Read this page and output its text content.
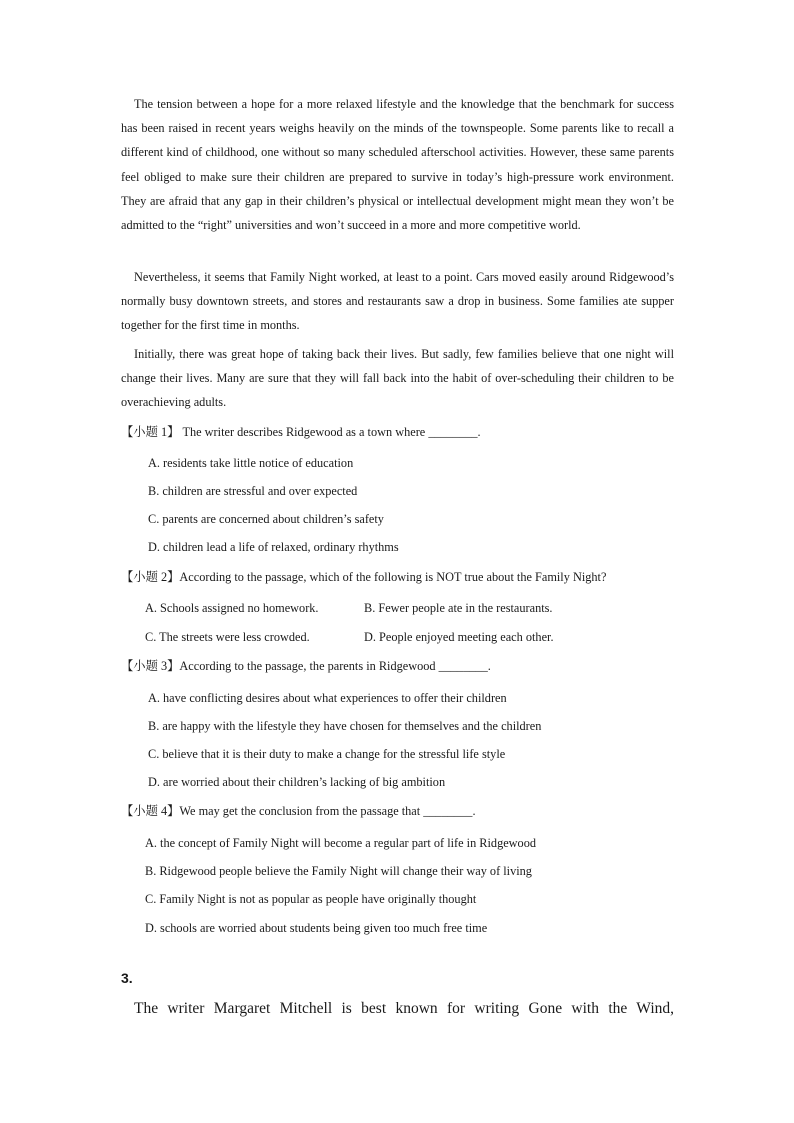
The tension between a hope for a more relaxed lifestyle and the knowledge that the benchmark for success has been raised in recent years weighs heavily on the minds of the townspeople. Some parents like to recall a different kind of childhood, one without so many scheduled afterschool activities. However, these same parents feel obliged to make sure their children are prepared to survive in today’s high-pressure work environment. They are afraid that any gap in their children’s physical or intellectual development might mean they won’t be admitted to the “right” universities and won’t succeed in a more and more competitive world.

Nevertheless, it seems that Family Night worked, at least to a point. Cars moved easily around Ridgewood’s normally busy downtown streets, and stores and restaurants saw a drop in business. Some families ate supper together for the first time in months.

Initially, there was great hope of taking back their lives. But sadly, few families believe that one night will change their lives. Many are sure that they will fall back into the habit of over-scheduling their children to be overachieving adults.

【小题 1】 The writer describes Ridgewood as a town where ________.

A. residents take little notice of education

B. children are stressful and over expected

C. parents are concerned about children’s safety

D. children lead a life of relaxed, ordinary rhythms

【小题 2】According to the passage, which of the following is NOT true about the Family Night?

A. Schools assigned no homework.	B. Fewer people ate in the restaurants.
C. The streets were less crowded.	D. People enjoyed meeting each other.

【小题 3】According to the passage, the parents in Ridgewood ________.

A. have conflicting desires about what experiences to offer their children

B. are happy with the lifestyle they have chosen for themselves and the children

C. believe that it is their duty to make a change for the stressful life style

D. are worried about their children’s lacking of big ambition

【小题 4】We may get the conclusion from the passage that ________.

A. the concept of Family Night will become a regular part of life in Ridgewood

B. Ridgewood people believe the Family Night will change their way of living

C. Family Night is not as popular as people have originally thought

D. schools are worried about students being given too much free time

3.

The writer Margaret Mitchell is best known for writing Gone with the Wind,
